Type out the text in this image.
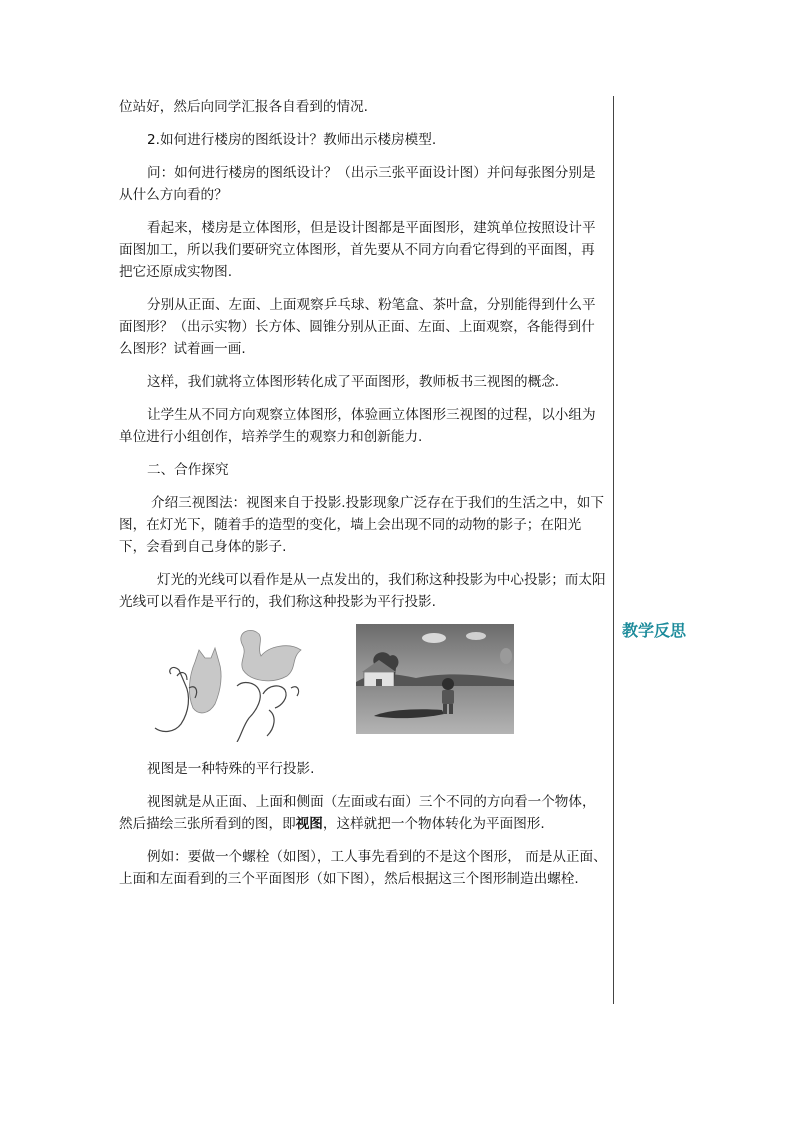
位站好，然后向同学汇报各自看到的情况.

2.如何进行楼房的图纸设计？教师出示楼房模型.

问：如何进行楼房的图纸设计？（出示三张平面设计图）并问每张图分别是从什么方向看的？

看起来，楼房是立体图形，但是设计图都是平面图形，建筑单位按照设计平面图加工，所以我们要研究立体图形，首先要从不同方向看它得到的平面图，再把它还原成实物图.

分别从正面、左面、上面观察乒乓球、粉笔盒、茶叶盒，分别能得到什么平面图形？（出示实物）长方体、圆锥分别从正面、左面、上面观察，各能得到什么图形？试着画一画.

这样，我们就将立体图形转化成了平面图形，教师板书三视图的概念.

让学生从不同方向观察立体图形，体验画立体图形三视图的过程，以小组为单位进行小组创作，培养学生的观察力和创新能力.

二、合作探究

介绍三视图法：视图来自于投影.投影现象广泛存在于我们的生活之中，如下图，在灯光下，随着手的造型的变化，墙上会出现不同的动物的影子；在阳光下，会看到自己身体的影子.

灯光的光线可以看作是从一点发出的，我们称这种投影为中心投影；而太阳光线可以看作是平行的，我们称这种投影为平行投影.

视图是一种特殊的平行投影.

视图就是从正面、上面和侧面（左面或右面）三个不同的方向看一个物体，然后描绘三张所看到的图，即视图，这样就把一个物体转化为平面图形.

例如：要做一个螺栓（如图），工人事先看到的不是这个图形， 而是从正面、上面和左面看到的三个平面图形（如下图），然后根据这三个图形制造出螺栓.

教学反思
